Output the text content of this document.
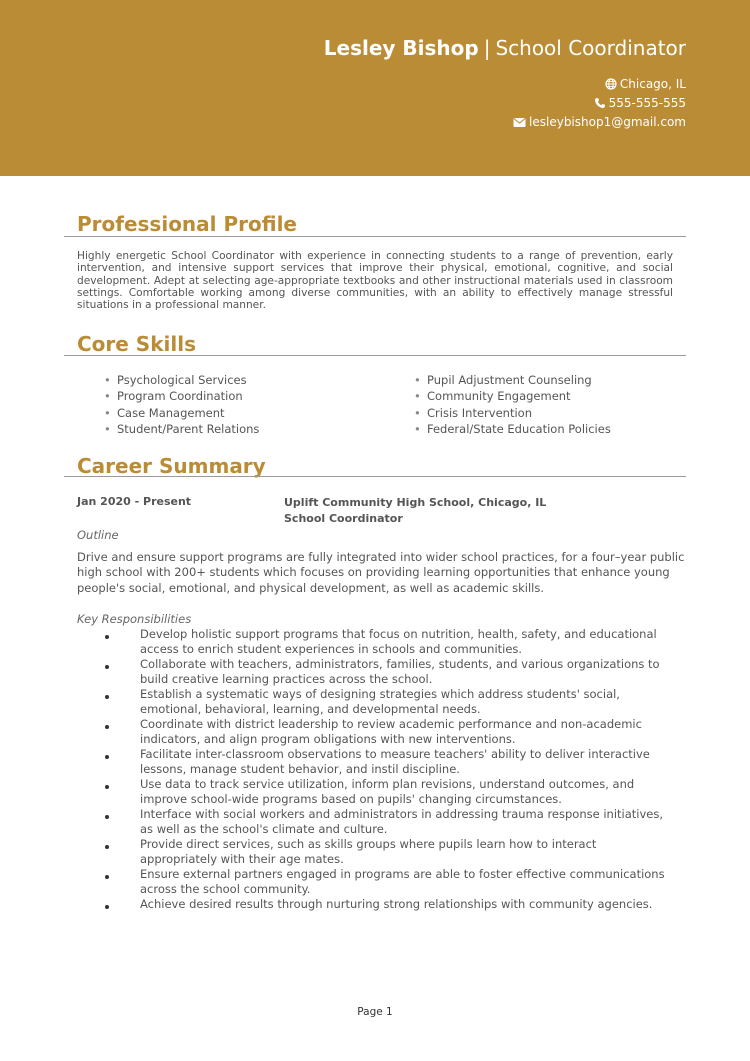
Lesley Bishop | School Coordinator
Chicago, IL
555-555-555
lesleybishop1@gmail.com
Professional Profile
Highly energetic School Coordinator with experience in connecting students to a range of prevention, early intervention, and intensive support services that improve their physical, emotional, cognitive, and social development. Adept at selecting age-appropriate textbooks and other instructional materials used in classroom settings. Comfortable working among diverse communities, with an ability to effectively manage stressful situations in a professional manner.
Core Skills
• Psychological Services
• Program Coordination
• Case Management
• Student/Parent Relations
• Pupil Adjustment Counseling
• Community Engagement
• Crisis Intervention
• Federal/State Education Policies
Career Summary
Jan 2020 - Present	Uplift Community High School, Chicago, IL
School Coordinator
Outline
Drive and ensure support programs are fully integrated into wider school practices, for a four–year public high school with 200+ students which focuses on providing learning opportunities that enhance young people's social, emotional, and physical development, as well as academic skills.
Key Responsibilities
Develop holistic support programs that focus on nutrition, health, safety, and educational access to enrich student experiences in schools and communities.
Collaborate with teachers, administrators, families, students, and various organizations to build creative learning practices across the school.
Establish a systematic ways of designing strategies which address students' social, emotional, behavioral, learning, and developmental needs.
Coordinate with district leadership to review academic performance and non-academic indicators, and align program obligations with new interventions.
Facilitate inter-classroom observations to measure teachers' ability to deliver interactive lessons, manage student behavior, and instil discipline.
Use data to track service utilization, inform plan revisions, understand outcomes, and improve school-wide programs based on pupils' changing circumstances.
Interface with social workers and administrators in addressing trauma response initiatives, as well as the school's climate and culture.
Provide direct services, such as skills groups where pupils learn how to interact appropriately with their age mates.
Ensure external partners engaged in programs are able to foster effective communications across the school community.
Achieve desired results through nurturing strong relationships with community agencies.
Page 1
